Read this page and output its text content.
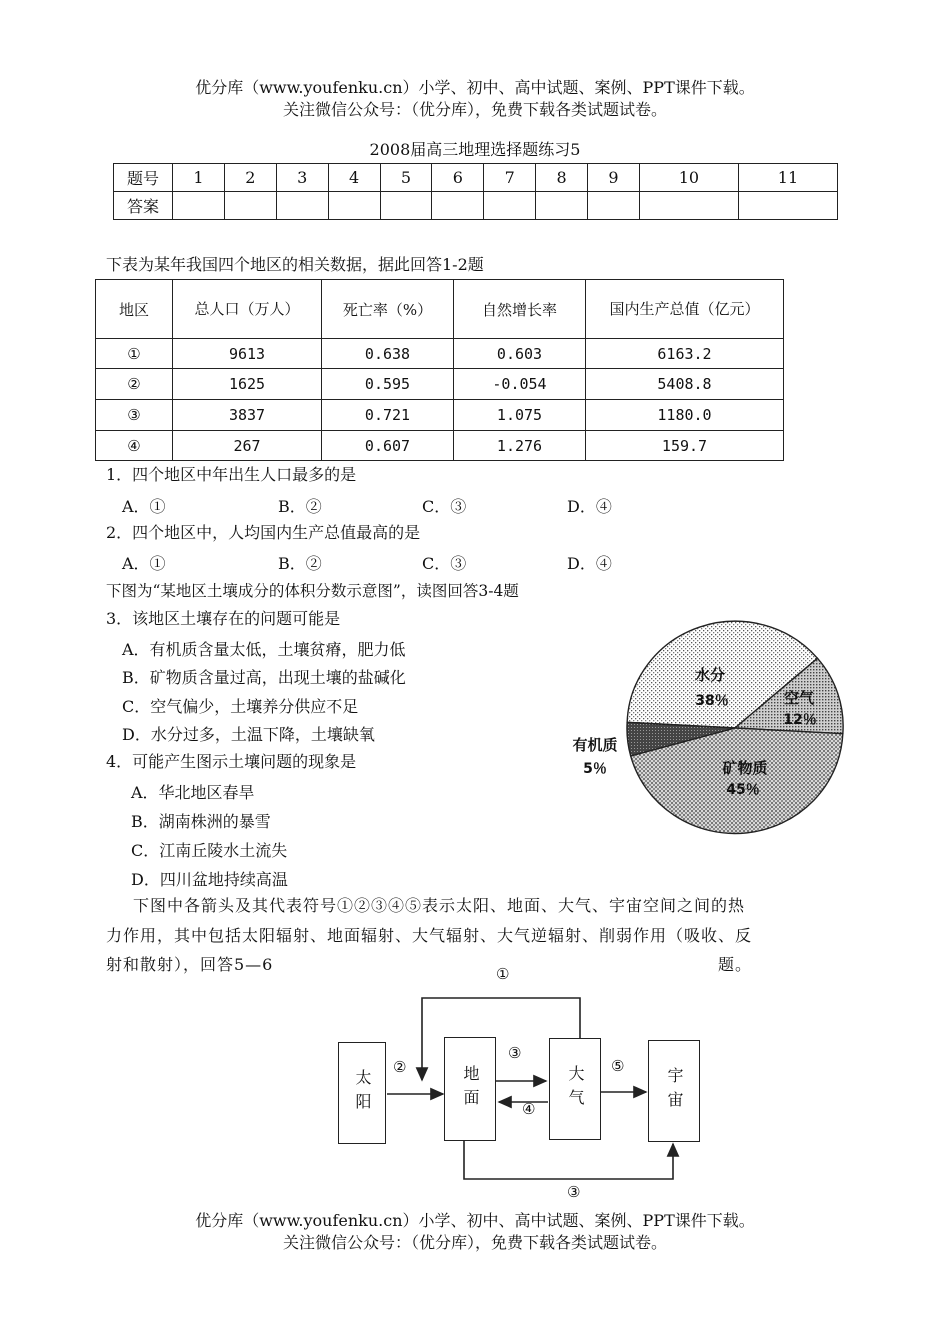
优分库（www.youfenku.cn）小学、初中、高中试题、案例、PPT课件下载。
关注微信公众号：（优分库），免费下载各类试题试卷。
2008届高三地理选择题练习5
题号	1	2	3	4	5	6	7	8	9	10	11
答案											
下表为某年我国四个地区的相关数据，据此回答1-2题
地区	总人口（万人）	死亡率（%）	自然增长率	国内生产总值（亿元）
①	9613	0.638	0.603	6163.2
②	1625	0.595	-0.054	5408.8
③	3837	0.721	1.075	1180.0
④	267	0.607	1.276	159.7
1．四个地区中年出生人口最多的是
A．①	B．②	C．③	D．④
2．四个地区中，人均国内生产总值最高的是
A．①	B．②	C．③	D．④
下图为“某地区土壤成分的体积分数示意图”，读图回答3-4题
3．该地区土壤存在的问题可能是
A．有机质含量太低，土壤贫瘠，肥力低
B．矿物质含量过高，出现土壤的盐碱化
C．空气偏少，土壤养分供应不足
D．水分过多，土温下降，土壤缺氧
4．可能产生图示土壤问题的现象是
A．华北地区春旱
B．湖南株洲的暴雪
C．江南丘陵水土流失
D．四川盆地持续高温
水分
38％	空气
12％
矿物质
45％
有机质
5％
下图中各箭头及其代表符号①②③④⑤表示太阳、地面、大气、宇宙空间之间的热
力作用，其中包括太阳辐射、地面辐射、大气辐射、大气逆辐射、削弱作用（吸收、反
射和散射），回答5—6	题。
太阳	地面	大气	宇宙
①
②
③
④
⑤
③
优分库（www.youfenku.cn）小学、初中、高中试题、案例、PPT课件下载。
关注微信公众号：（优分库），免费下载各类试题试卷。
